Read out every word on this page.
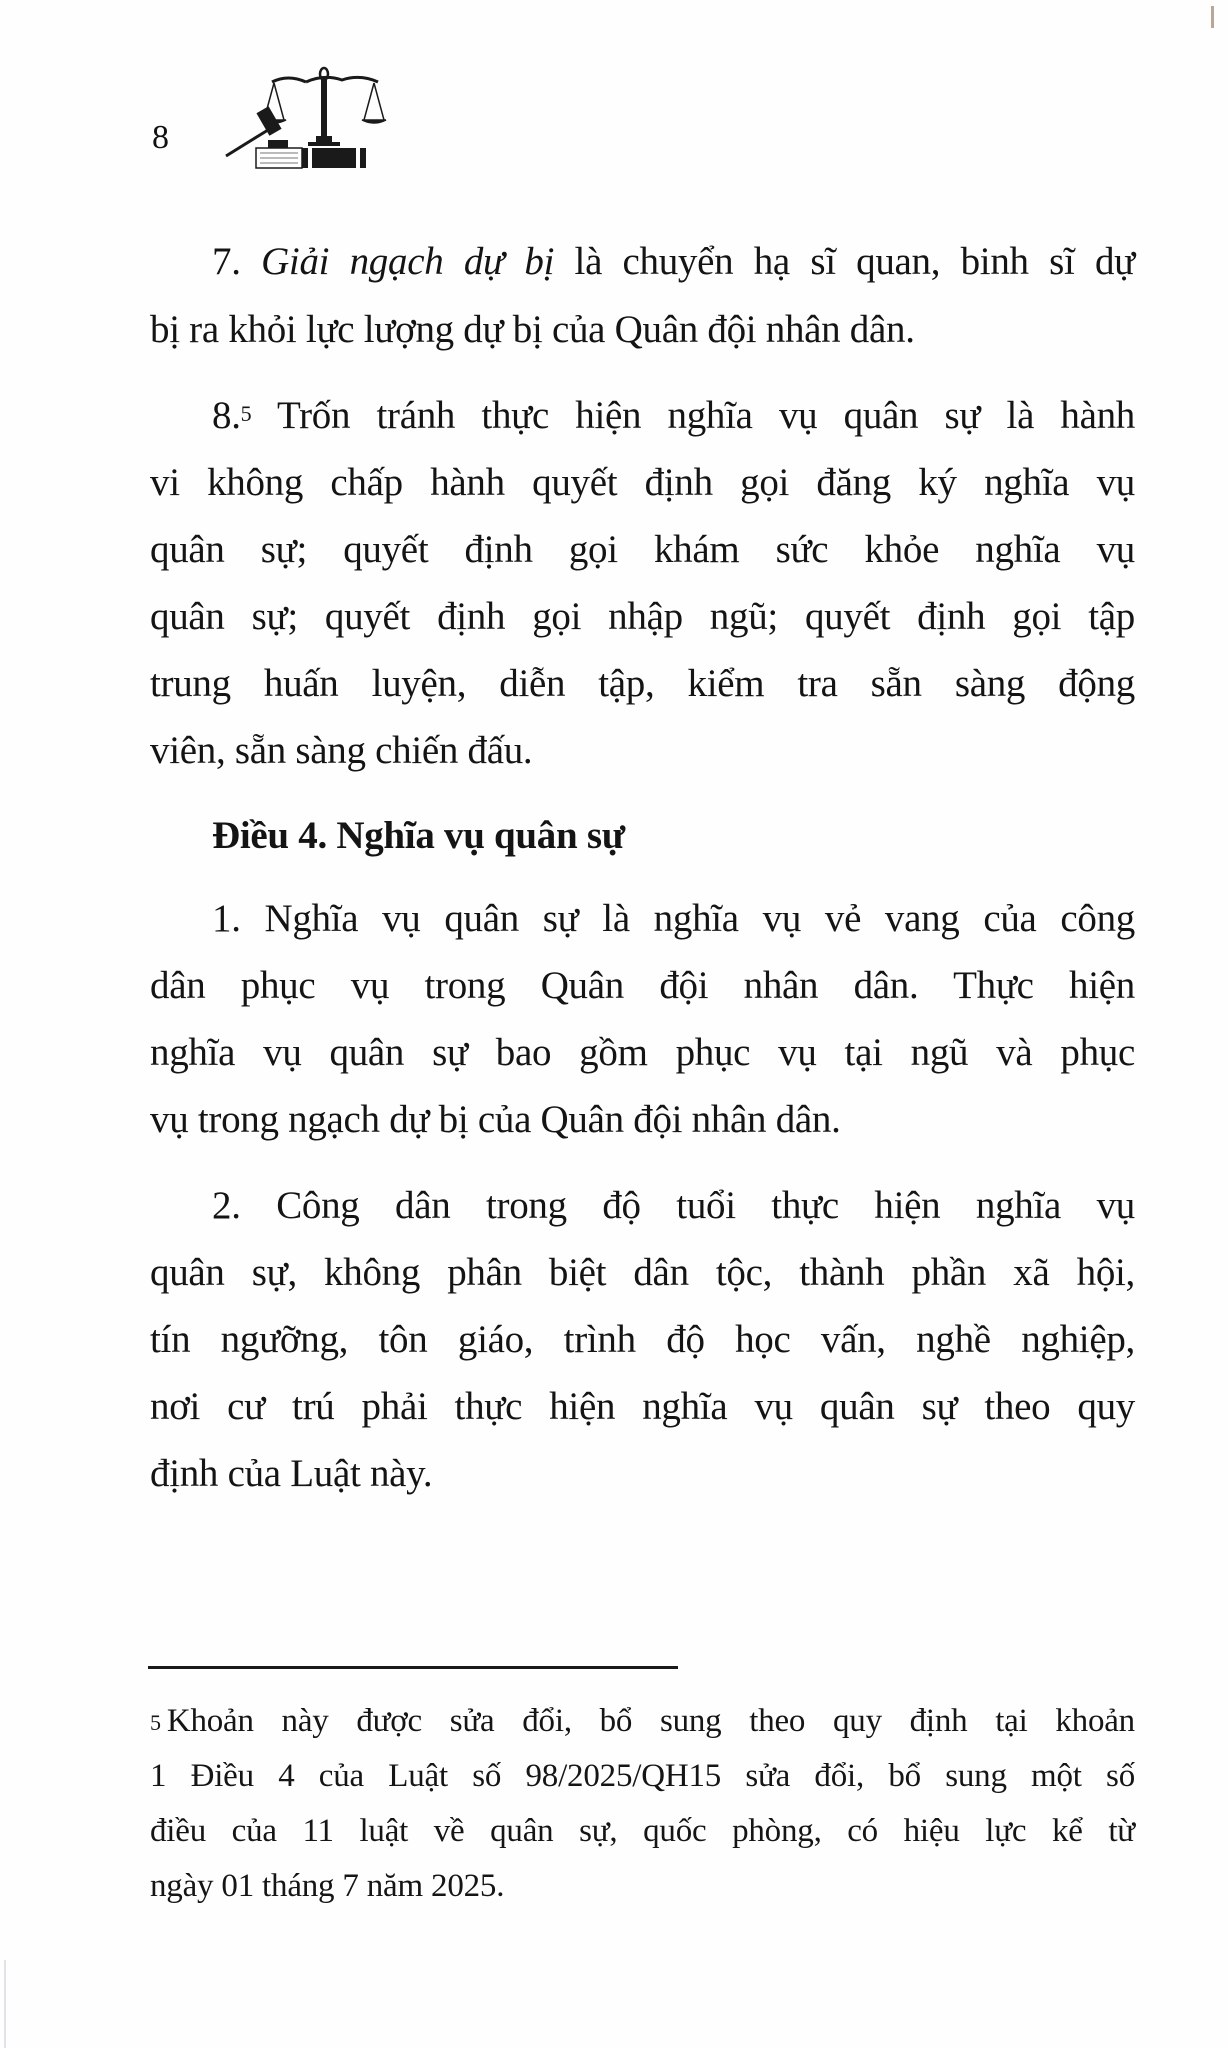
8
7. Giải ngạch dự bị là chuyển hạ sĩ quan, binh sĩ dự
bị ra khỏi lực lượng dự bị của Quân đội nhân dân.
8.$^5$ Trốn tránh thực hiện nghĩa vụ quân sự là hành
vi không chấp hành quyết định gọi đăng ký nghĩa vụ
quân sự; quyết định gọi khám sức khỏe nghĩa vụ
quân sự; quyết định gọi nhập ngũ; quyết định gọi tập
trung huấn luyện, diễn tập, kiểm tra sẵn sàng động
viên, sẵn sàng chiến đấu.
Điều 4. Nghĩa vụ quân sự
1. Nghĩa vụ quân sự là nghĩa vụ vẻ vang của công
dân phục vụ trong Quân đội nhân dân. Thực hiện
nghĩa vụ quân sự bao gồm phục vụ tại ngũ và phục
vụ trong ngạch dự bị của Quân đội nhân dân.
2. Công dân trong độ tuổi thực hiện nghĩa vụ
quân sự, không phân biệt dân tộc, thành phần xã hội,
tín ngưỡng, tôn giáo, trình độ học vấn, nghề nghiệp,
nơi cư trú phải thực hiện nghĩa vụ quân sự theo quy
định của Luật này.
$^5$ Khoản này được sửa đổi, bổ sung theo quy định tại khoản
1 Điều 4 của Luật số 98/2025/QH15 sửa đổi, bổ sung một số
điều của 11 luật về quân sự, quốc phòng, có hiệu lực kể từ
ngày 01 tháng 7 năm 2025.
